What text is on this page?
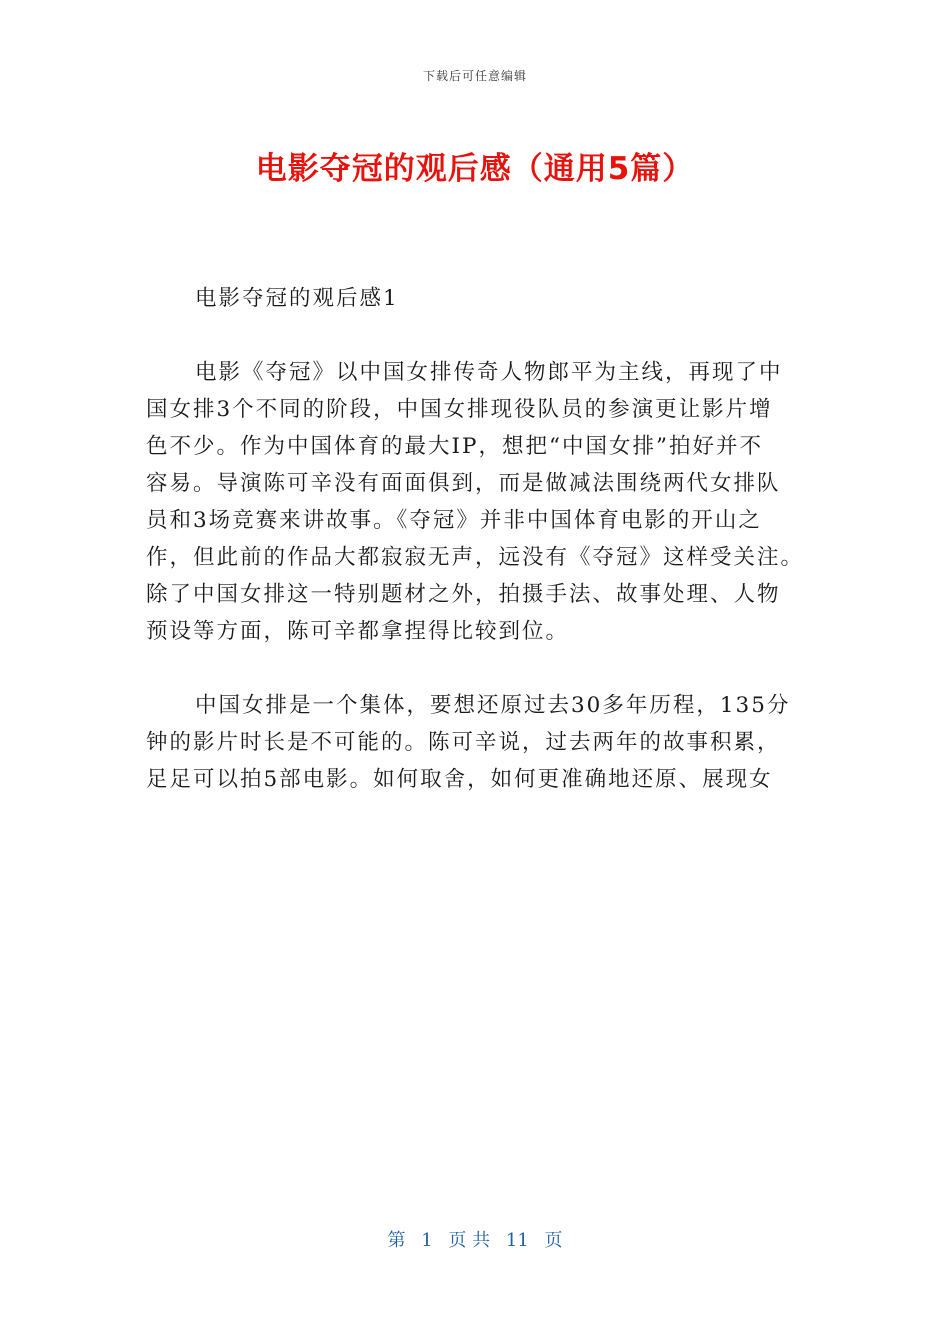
下载后可任意编辑
电影夺冠的观后感（通用5篇）

电影夺冠的观后感1

电影《夺冠》以中国女排传奇人物郎平为主线，再现了中
国女排3个不同的阶段，中国女排现役队员的参演更让影片增
色不少。作为中国体育的最大IP，想把“中国女排”拍好并不
容易。导演陈可辛没有面面俱到，而是做减法围绕两代女排队
员和3场竞赛来讲故事。《夺冠》并非中国体育电影的开山之
作，但此前的作品大都寂寂无声，远没有《夺冠》这样受关注。
除了中国女排这一特别题材之外，拍摄手法、故事处理、人物
预设等方面，陈可辛都拿捏得比较到位。

中国女排是一个集体，要想还原过去30多年历程，135分
钟的影片时长是不可能的。陈可辛说，过去两年的故事积累，
足足可以拍5部电影。如何取舍，如何更准确地还原、展现女

第 1 页 共 11 页
